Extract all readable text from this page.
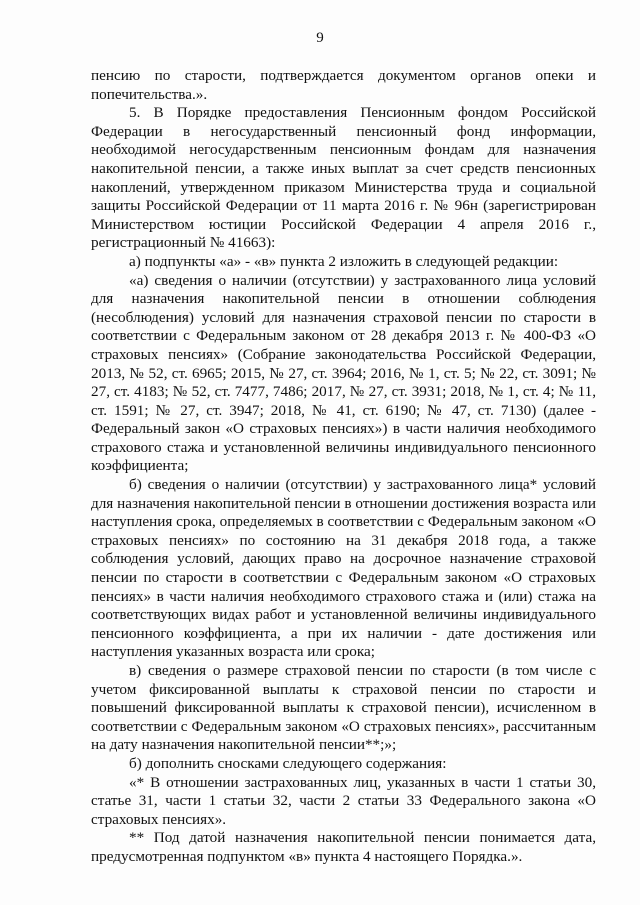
9

пенсию по старости, подтверждается документом органов опеки и попечительства.».

5. В Порядке предоставления Пенсионным фондом Российской Федерации в негосударственный пенсионный фонд информации, необходимой негосударственным пенсионным фондам для назначения накопительной пенсии, а также иных выплат за счет средств пенсионных накоплений, утвержденном приказом Министерства труда и социальной защиты Российской Федерации от 11 марта 2016 г. № 96н (зарегистрирован Министерством юстиции Российской Федерации 4 апреля 2016 г., регистрационный № 41663):

а) подпункты «а» - «в» пункта 2 изложить в следующей редакции:

«а) сведения о наличии (отсутствии) у застрахованного лица условий для назначения накопительной пенсии в отношении соблюдения (несоблюдения) условий для назначения страховой пенсии по старости в соответствии с Федеральным законом от 28 декабря 2013 г. № 400-ФЗ «О страховых пенсиях» (Собрание законодательства Российской Федерации, 2013, № 52, ст. 6965; 2015, № 27, ст. 3964; 2016, № 1, ст. 5; № 22, ст. 3091; № 27, ст. 4183; № 52, ст. 7477, 7486; 2017, № 27, ст. 3931; 2018, № 1, ст. 4; № 11, ст. 1591; № 27, ст. 3947; 2018, № 41, ст. 6190; № 47, ст. 7130) (далее - Федеральный закон «О страховых пенсиях») в части наличия необходимого страхового стажа и установленной величины индивидуального пенсионного коэффициента;

б) сведения о наличии (отсутствии) у застрахованного лица* условий для назначения накопительной пенсии в отношении достижения возраста или наступления срока, определяемых в соответствии с Федеральным законом «О страховых пенсиях» по состоянию на 31 декабря 2018 года, а также соблюдения условий, дающих право на досрочное назначение страховой пенсии по старости в соответствии с Федеральным законом «О страховых пенсиях» в части наличия необходимого страхового стажа и (или) стажа на соответствующих видах работ и установленной величины индивидуального пенсионного коэффициента, а при их наличии - дате достижения или наступления указанных возраста или срока;

в) сведения о размере страховой пенсии по старости (в том числе с учетом фиксированной выплаты к страховой пенсии по старости и повышений фиксированной выплаты к страховой пенсии), исчисленном в соответствии с Федеральным законом «О страховых пенсиях», рассчитанным на дату назначения накопительной пенсии**;»;

б) дополнить сносками следующего содержания:

«* В отношении застрахованных лиц, указанных в части 1 статьи 30, статье 31, части 1 статьи 32, части 2 статьи 33 Федерального закона «О страховых пенсиях».

** Под датой назначения накопительной пенсии понимается дата, предусмотренная подпунктом «в» пункта 4 настоящего Порядка.».
